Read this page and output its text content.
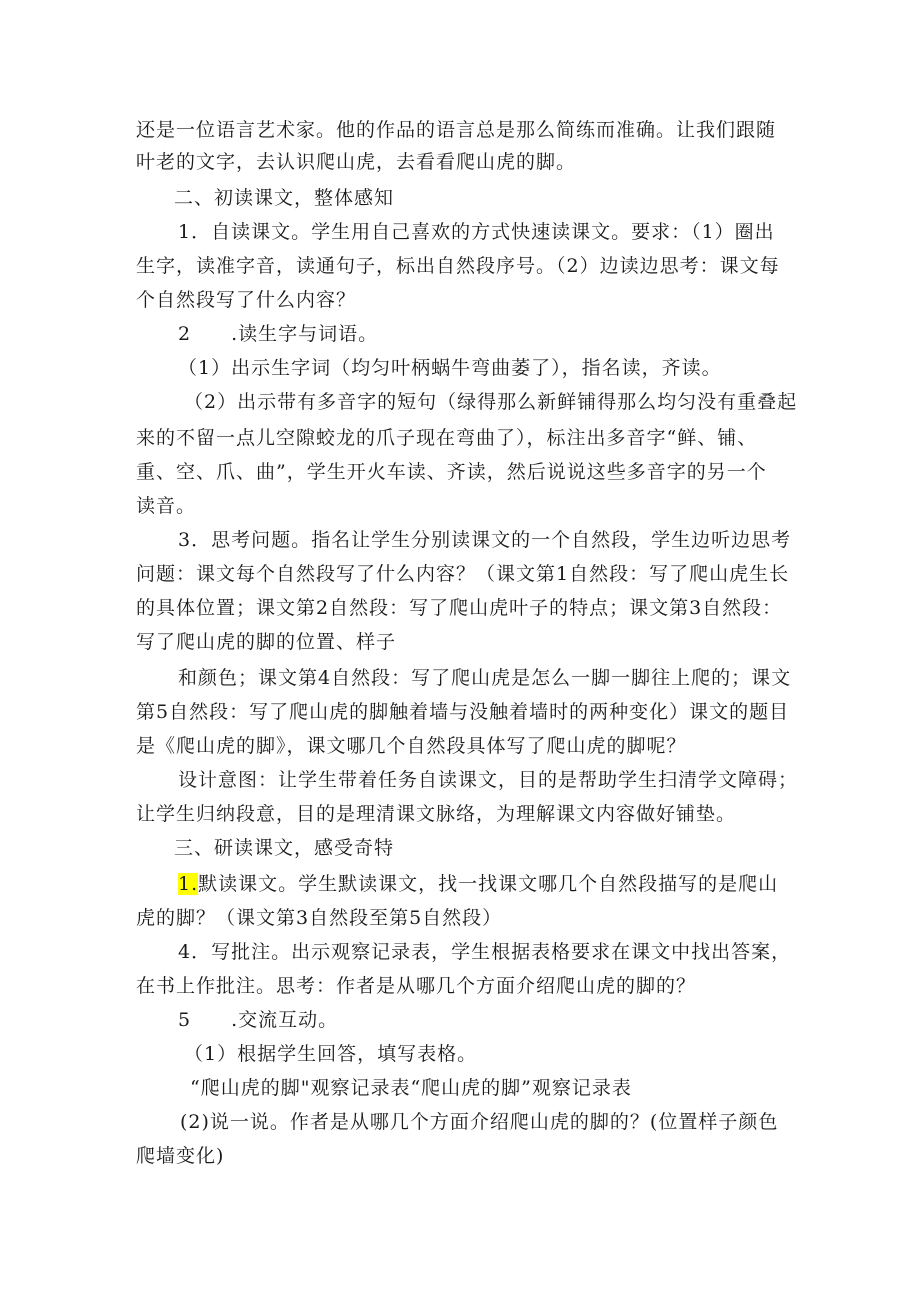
还是一位语言艺术家。他的作品的语言总是那么简练而准确。让我们跟随
叶老的文字，去认识爬山虎，去看看爬山虎的脚。
二、初读课文，整体感知
1．自读课文。学生用自己喜欢的方式快速读课文。要求：（1）圈出
生字，读准字音，读通句子，标出自然段序号。（2）边读边思考：课文每
个自然段写了什么内容？
2　　.读生字与词语。
（1）出示生字词（均匀叶柄蜗牛弯曲萎了），指名读，齐读。
（2）出示带有多音字的短句（绿得那么新鲜铺得那么均匀没有重叠起
来的不留一点儿空隙蛟龙的爪子现在弯曲了），标注出多音字“鲜、铺、
重、空、爪、曲”，学生开火车读、齐读，然后说说这些多音字的另一个
读音。
3．思考问题。指名让学生分别读课文的一个自然段，学生边听边思考
问题：课文每个自然段写了什么内容？（课文第1自然段：写了爬山虎生长
的具体位置；课文第2自然段：写了爬山虎叶子的特点；课文第3自然段：
写了爬山虎的脚的位置、样子
和颜色；课文第4自然段：写了爬山虎是怎么一脚一脚往上爬的；课文
第5自然段：写了爬山虎的脚触着墙与没触着墙时的两种变化）课文的题目
是《爬山虎的脚》，课文哪几个自然段具体写了爬山虎的脚呢？
设计意图：让学生带着任务自读课文，目的是帮助学生扫清学文障碍；
让学生归纳段意，目的是理清课文脉络，为理解课文内容做好铺垫。
三、研读课文，感受奇特
1.默读课文。学生默读课文，找一找课文哪几个自然段描写的是爬山
虎的脚？（课文第3自然段至第5自然段）
4．写批注。出示观察记录表，学生根据表格要求在课文中找出答案，
在书上作批注。思考：作者是从哪几个方面介绍爬山虎的脚的？
5　　.交流互动。
（1）根据学生回答，填写表格。
“爬山虎的脚"观察记录表“爬山虎的脚”观察记录表
(2)说一说。作者是从哪几个方面介绍爬山虎的脚的？(位置样子颜色
爬墙变化)
